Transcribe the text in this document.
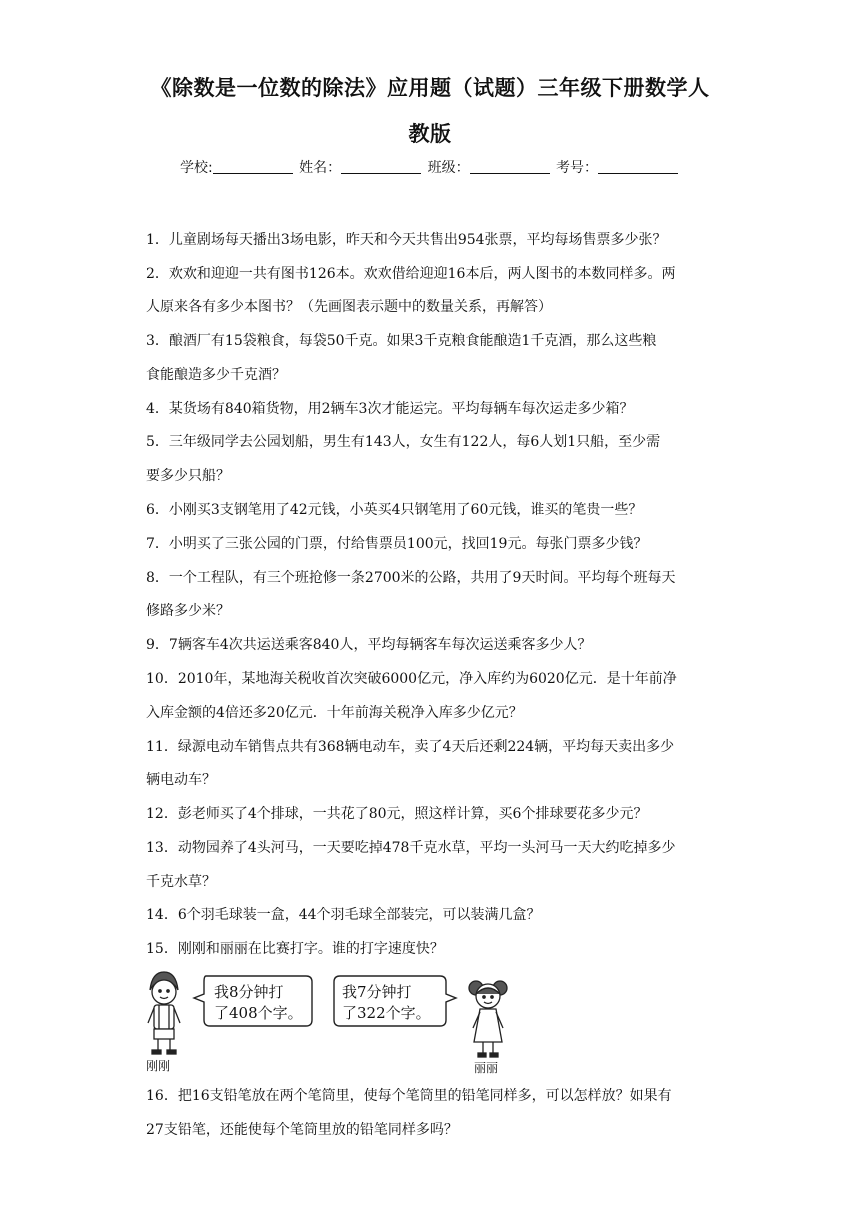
《除数是一位数的除法》应用题（试题）三年级下册数学人
教版
学校:	姓名：	班级：	考号：
1．儿童剧场每天播出3场电影，昨天和今天共售出954张票，平均每场售票多少张？
2．欢欢和迎迎一共有图书126本。欢欢借给迎迎16本后，两人图书的本数同样多。两
人原来各有多少本图书？（先画图表示题中的数量关系，再解答）
3．酿酒厂有15袋粮食，每袋50千克。如果3千克粮食能酿造1千克酒，那么这些粮
食能酿造多少千克酒？
4．某货场有840箱货物，用2辆车3次才能运完。平均每辆车每次运走多少箱？
5．三年级同学去公园划船，男生有143人，女生有122人，每6人划1只船，至少需
要多少只船？
6．小刚买3支钢笔用了42元钱，小英买4只钢笔用了60元钱，谁买的笔贵一些？
7．小明买了三张公园的门票，付给售票员100元，找回19元。每张门票多少钱？
8．一个工程队，有三个班抢修一条2700米的公路，共用了9天时间。平均每个班每天
修路多少米？
9．7辆客车4次共运送乘客840人，平均每辆客车每次运送乘客多少人？
10．2010年，某地海关税收首次突破6000亿元，净入库约为6020亿元．是十年前净
入库金额的4倍还多20亿元．十年前海关税净入库多少亿元？
11．绿源电动车销售点共有368辆电动车，卖了4天后还剩224辆，平均每天卖出多少
辆电动车？
12．彭老师买了4个排球，一共花了80元，照这样计算，买6个排球要花多少元？
13．动物园养了4头河马，一天要吃掉478千克水草，平均一头河马一天大约吃掉多少
千克水草？
14．6个羽毛球装一盒，44个羽毛球全部装完，可以装满几盒？
15．刚刚和丽丽在比赛打字。谁的打字速度快？
16．把16支铅笔放在两个笔筒里，使每个笔筒里的铅笔同样多，可以怎样放？如果有
27支铅笔，还能使每个笔筒里放的铅笔同样多吗？
刚刚
我8分钟打
了408个字。
我7分钟打
了322个字。
丽丽
